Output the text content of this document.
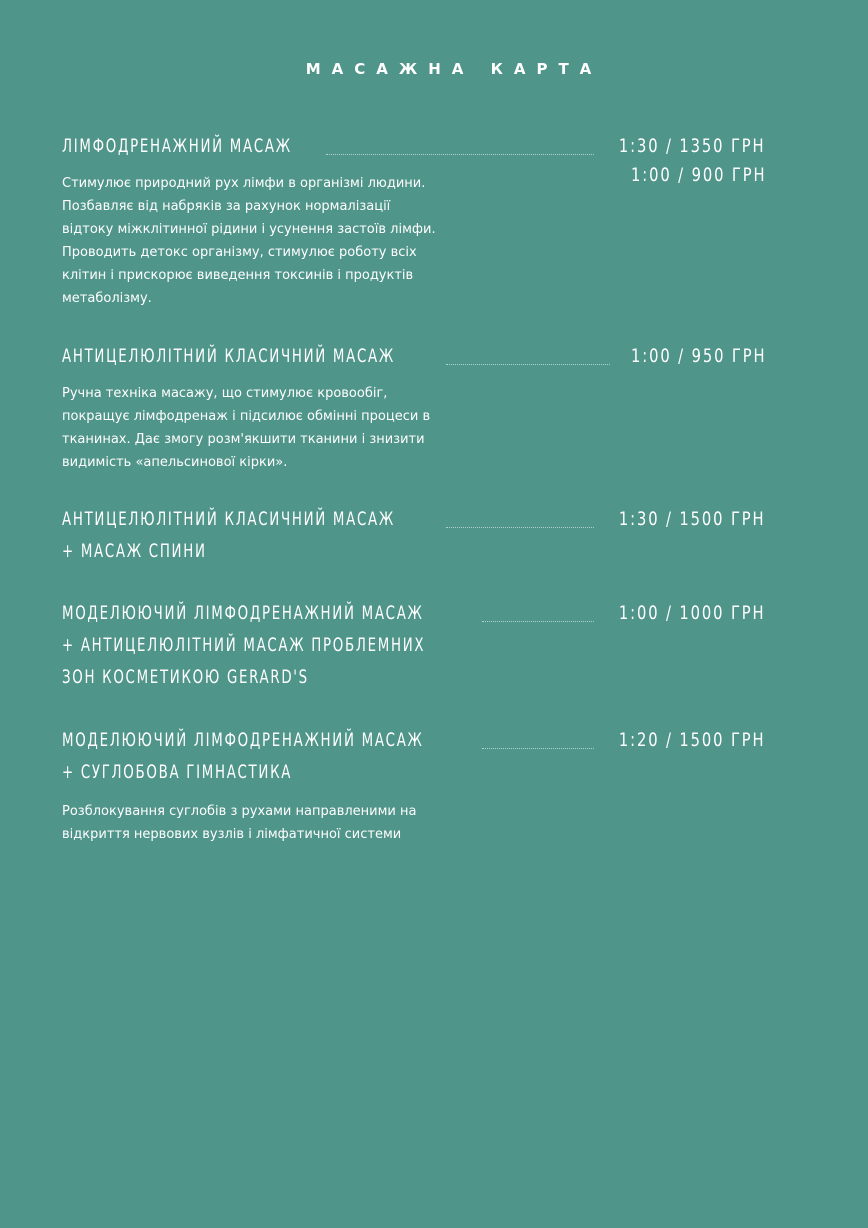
МАСАЖНА КАРТА
ЛІМФОДРЕНАЖНИЙ МАСАЖ	1:30 / 1350 ГРН
1:00 / 900 ГРН
Стимулює природний рух лімфи в організмі людини.
Позбавляє від набряків за рахунок нормалізації
відтоку міжклітинної рідини і усунення застоїв лімфи.
Проводить детокс організму, стимулює роботу всіх
клітин і прискорює виведення токсинів і продуктів
метаболізму.
АНТИЦЕЛЮЛІТНИЙ КЛАСИЧНИЙ МАСАЖ	1:00 / 950 ГРН
Ручна техніка масажу, що стимулює кровообіг,
покращує лімфодренаж і підсилює обмінні процеси в
тканинах. Дає змогу розм'якшити тканини і знизити
видимість «апельсинової кірки».
АНТИЦЕЛЮЛІТНИЙ КЛАСИЧНИЙ МАСАЖ
+ МАСАЖ СПИНИ
1:30 / 1500 ГРН
МОДЕЛЮЮЧИЙ ЛІМФОДРЕНАЖНИЙ МАСАЖ
+ АНТИЦЕЛЮЛІТНИЙ МАСАЖ ПРОБЛЕМНИХ
ЗОН КОСМЕТИКОЮ GERARD'S
1:00 / 1000 ГРН
МОДЕЛЮЮЧИЙ ЛІМФОДРЕНАЖНИЙ МАСАЖ
+ СУГЛОБОВА ГІМНАСТИКА
1:20 / 1500 ГРН
Розблокування суглобів з рухами направленими на
відкриття нервових вузлів і лімфатичної системи
